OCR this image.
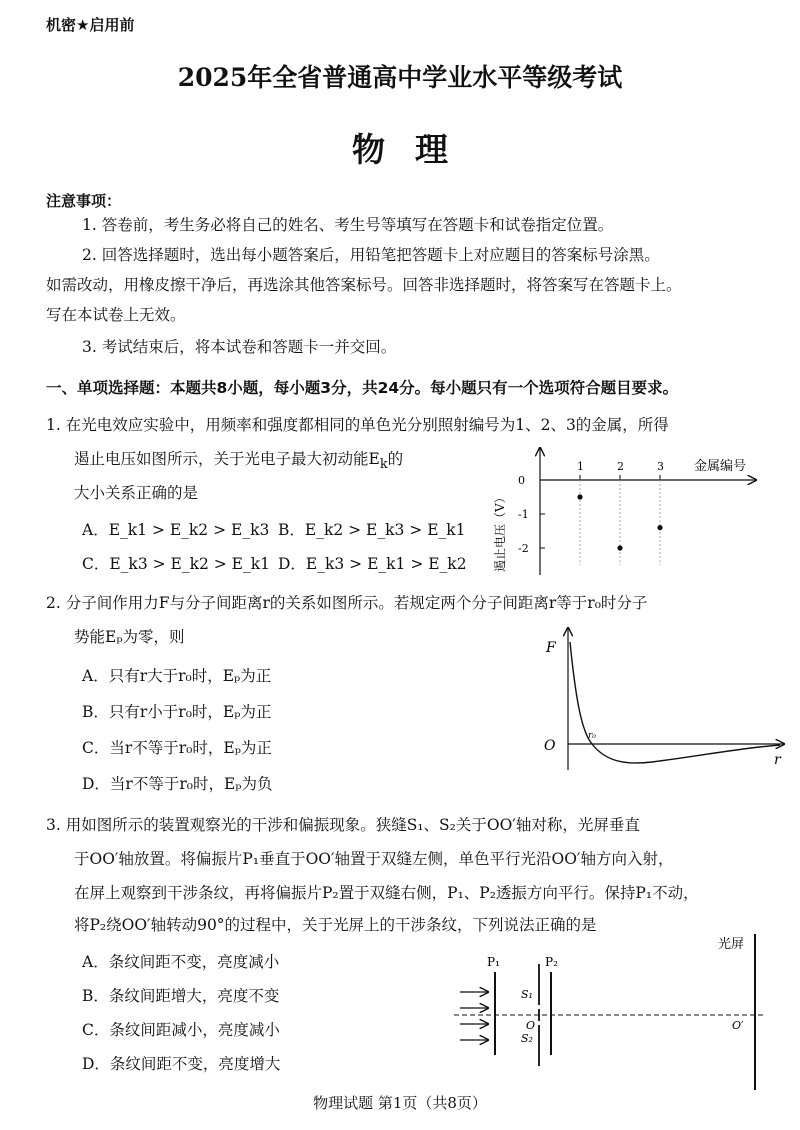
机密★启用前
2025年全省普通高中学业水平等级考试
物理
注意事项：
1. 答卷前，考生务必将自己的姓名、考生号等填写在答题卡和试卷指定位置。
2. 回答选择题时，选出每小题答案后，用铅笔把答题卡上对应题目的答案标号涂黑。
如需改动，用橡皮擦干净后，再选涂其他答案标号。回答非选择题时，将答案写在答题卡上。
写在本试卷上无效。
3. 考试结束后，将本试卷和答题卡一并交回。
一、单项选择题：本题共8小题，每小题3分，共24分。每小题只有一个选项符合题目要求。
1. 在光电效应实验中，用频率和强度都相同的单色光分别照射编号为1、2、3的金属，所得
遏止电压如图所示，关于光电子最大初动能$E_k$的
大小关系正确的是
A．E_k1 > E_k2 > E_k3 B．E_k2 > E_k3 > E_k1
C．E_k3 > E_k2 > E_k1 D．E_k3 > E_k1 > E_k2 遏止电压（V）
金属编号
1	2	3
0
-1
-2
2. 分子间作用力F与分子间距离r的关系如图所示。若规定两个分子间距离r等于r₀时分子
势能Eₚ为零，则
A．只有r大于r₀时，Eₚ为正
B．只有r小于r₀时，Eₚ为正
C．当r不等于r₀时，Eₚ为正
D．当r不等于r₀时，Eₚ为负
F
O
r
r₀
3. 用如图所示的装置观察光的干涉和偏振现象。狭缝S₁、S₂关于OO′轴对称，光屏垂直
于OO′轴放置。将偏振片P₁垂直于OO′轴置于双缝左侧，单色平行光沿OO′轴方向入射，
在屏上观察到干涉条纹，再将偏振片P₂置于双缝右侧，P₁、P₂透振方向平行。保持P₁不动，
将P₂绕OO′轴转动90°的过程中，关于光屏上的干涉条纹，下列说法正确的是
A．条纹间距不变，亮度减小
B．条纹间距增大，亮度不变
C．条纹间距减小，亮度减小
D．条纹间距不变，亮度增大
光屏
P₁	P₂
S₁
S₂
O	O′
物理试题 第1页（共8页）
